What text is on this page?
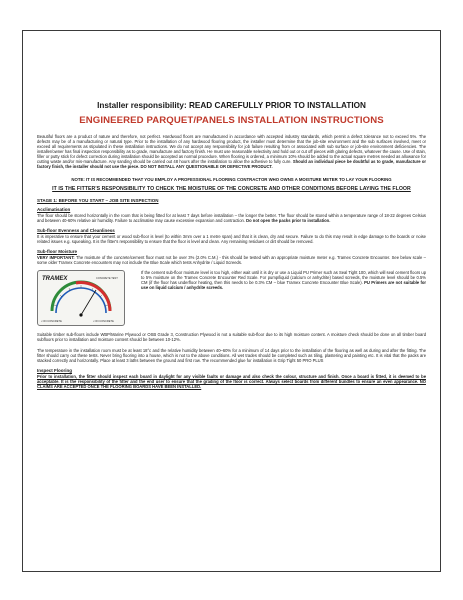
Installer responsibility: READ CAREFULLY PRIOR TO INSTALLATION
ENGINEERED PARQUET/PANELS INSTALLATION INSTRUCTIONS

Beautiful floors are a product of nature and therefore, not perfect. Hardwood floors are manufactured in accordance with accepted industry standards, which permit a defect tolerance not to exceed 5%. The defects may be of a manufacturing or natural type. Prior to the installation of any hardwood flooring product, the installer must determine that the job-site environment and the sub surfaces involved, meet or exceed all requirements as stipulated in these installation instructions. We do not accept any responsibility for job failure resulting from or associated with sub surface or job-site environment deficiencies. The installer/owner has final inspection responsibility as to grade, manufacture and factory finish. He must use reasonable selectivity and hold out or cut off pieces with glaring defects, whatever the cause. Use of stain, filler or putty stick for defect correction during installation should be accepted as normal procedure. When flooring is ordered, a minimum 10% should be added to the actual square metres needed as allowance for cutting waste and/or mis-manufacture. Any sanding should be carried out 48 hours after the installation to allow the adhesive to fully cure. Should an individual piece be doubtful as to grade, manufacture or factory finish, the installer should not use the piece. DO NOT INSTALL ANY QUESTIONABLE OR DEFECTIVE PRODUCT.

NOTE: IT IS RECOMMENDED THAT YOU EMPLOY A PROFESSIONAL FLOORING CONTRACTOR WHO OWNS A MOISTURE METER TO LAY YOUR FLOORING
IT IS THE FITTER'S RESPONSIBILITY TO CHECK THE MOISTURE OF THE CONCRETE AND OTHER CONDITIONS BEFORE LAYING THE FLOOR
STAGE 1: BEFORE YOU START – JOB SITE INSPECTION
Acclimatisation

The floor should be stored horizontally in the room that is being fitted for at least 7 days before installation – the longer the better. The floor should be stored within a temperature range of 18-22 degrees Celsius and between 40-60% relative air humidity. Failure to acclimatise may cause excessive expansion and contraction. Do not open the packs prior to installation.

Sub-floor Evenness and Cleanliness

It is imperative to ensure that your cement or wood sub-floor is level (to within 3mm over a 1 metre span) and that it is clean, dry and secure. Failure to do this may result in edge damage to the boards or noise related issues e.g. squeaking. It is the fitter's responsibility to ensure that the floor is level and clean. Any remaining residues or dirt should be removed.

Sub-floor Moisture

VERY IMPORTANT: The moisture of the concrete/cement floor must not be over 3% (2.0% C.M.) - this should be tested with an appropriate moisture meter e.g. Tramex Concrete Encounter. See below scale – some older Tramex Concrete encounters may not include the Blue Scale which tests Anhydrite / Liquid Screeds.

TRAMEX	CONCRETE TEST
• ON CONCRETE	• ON CONCRETE

If the cement sub-floor moisture level is too high, either wait until it is dry or use a Liquid PU Primer such as Seal Tight 100, which will seal cement floors up to 5% moisture on the Tramex Concrete Encounter Red Scale. For pump/liquid (calcium or anhydrite) based screeds, the moisture level should be 0.5% CM (if the floor has underfloor heating, then this needs to be 0.3% CM – blue Tramex Concrete Encounter Blue Scale). PU Primers are not suitable for use on liquid calcium / anhydrite screeds.

Suitable timber sub-floors include WBP/Marine Plywood or OSB Grade 3, Construction Plywood is not a suitable sub-floor due to its high moisture content. A moisture check should be done on all timber board subfloors prior to installation and moisture content should be between 10-12%.

The temperature in the installation room must be at least 18°c and the relative humidity between 40–60% for a minimum of 14 days prior to the installation of the flooring as well as during and after the fitting. The fitter should carry out these tests. Never bring flooring into a house, which is not to the above conditions. All wet trades should be completed such as tiling, plastering and painting etc. It is vital that the packs are stacked correctly and horizontally. Place at least 3 laths between the ground and first row. The recommended glue for installation is Grip Tight 50 PRO PLUS

Inspect Flooring

Prior to installation, the fitter should inspect each board in daylight for any visible faults or damage and also check the colour, structure and finish. Once a board is fitted, it is deemed to be acceptable. It is the responsibility of the fitter and the end user to ensure that the grading of the floor is correct. Always select boards from different bundles to ensure an even appearance. NO CLAIMS ARE ACCEPTED ONCE THE FLOORING BOARDS HAVE BEEN INSTALLED.
